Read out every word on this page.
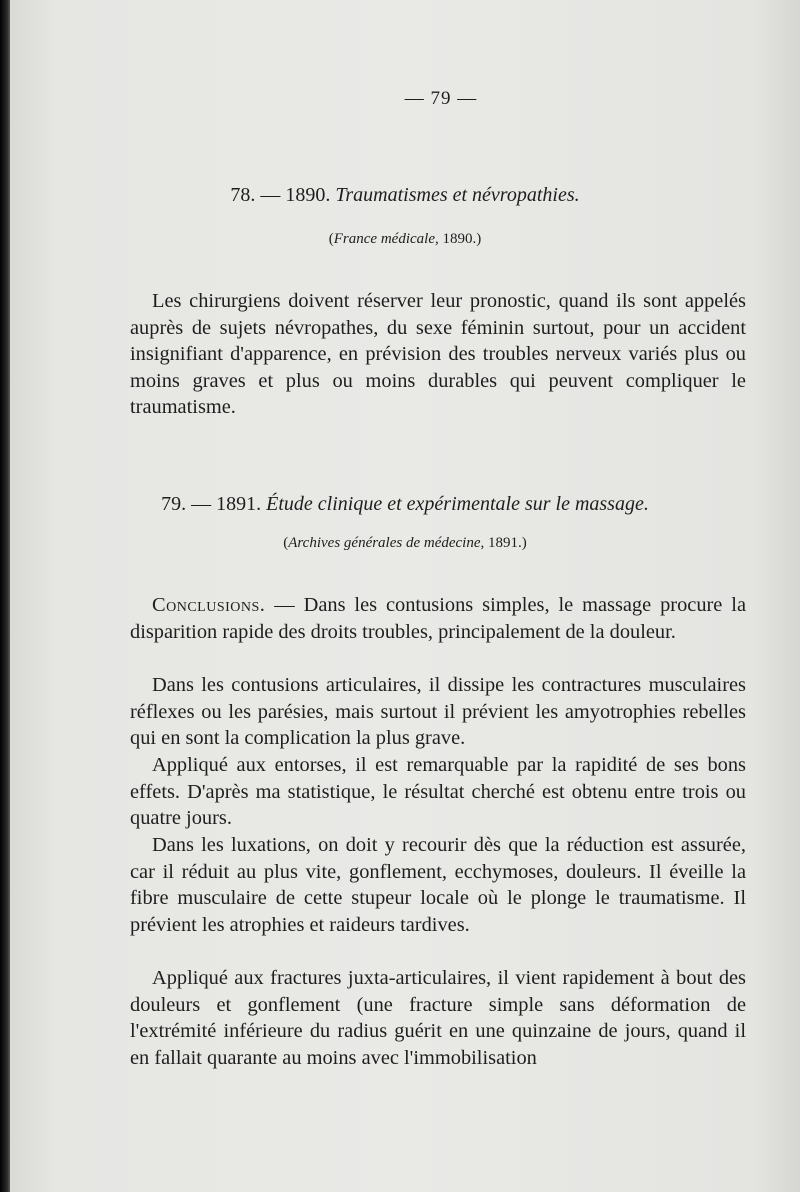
— 79 —
78. — 1890. Traumatismes et névropathies.
(France médicale, 1890.)

Les chirurgiens doivent réserver leur pronostic, quand ils sont appelés auprès de sujets névropathes, du sexe féminin surtout, pour un accident insignifiant d'apparence, en prévision des troubles nerveux variés plus ou moins graves et plus ou moins durables qui peuvent compliquer le traumatisme.

79. — 1891. Étude clinique et expérimentale sur le massage.
(Archives générales de médecine, 1891.)

Conclusions. — Dans les contusions simples, le massage procure la disparition rapide des droits troubles, principalement de la douleur.

Dans les contusions articulaires, il dissipe les contractures musculaires réflexes ou les parésies, mais surtout il prévient les amyotrophies rebelles qui en sont la complication la plus grave.

Appliqué aux entorses, il est remarquable par la rapidité de ses bons effets. D'après ma statistique, le résultat cherché est obtenu entre trois ou quatre jours.

Dans les luxations, on doit y recourir dès que la réduction est assurée, car il réduit au plus vite, gonflement, ecchymoses, douleurs. Il éveille la fibre musculaire de cette stupeur locale où le plonge le traumatisme. Il prévient les atrophies et raideurs tardives.

Appliqué aux fractures juxta-articulaires, il vient rapidement à bout des douleurs et gonflement (une fracture simple sans déformation de l'extrémité inférieure du radius guérit en une quinzaine de jours, quand il en fallait quarante au moins avec l'immobilisation
